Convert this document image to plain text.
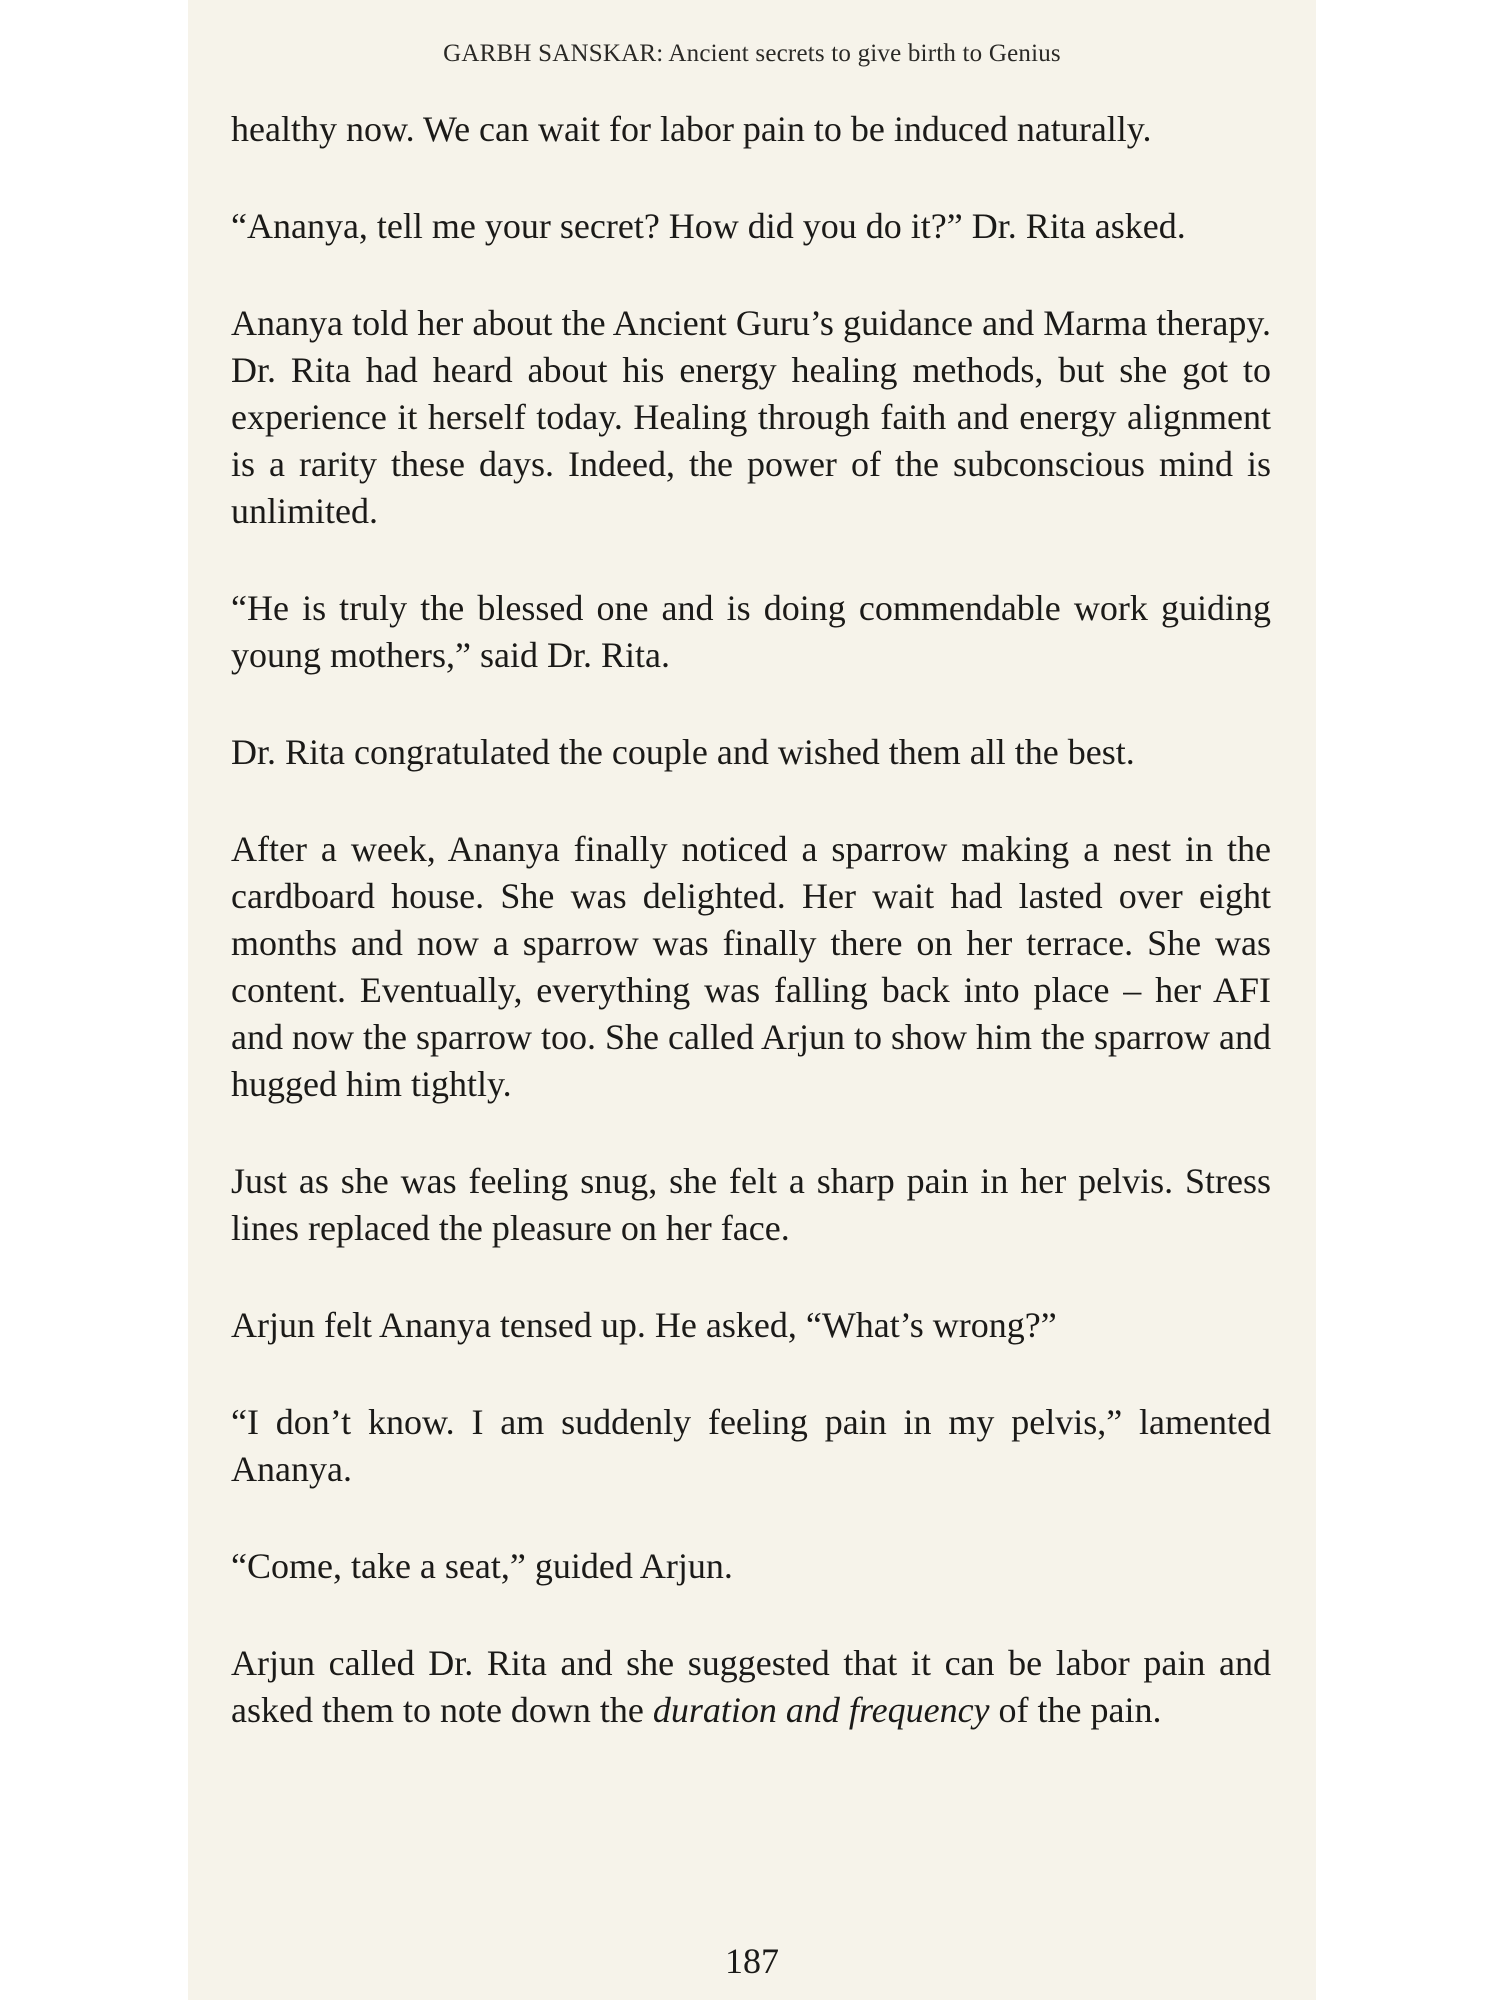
GARBH SANSKAR: Ancient secrets to give birth to Genius

healthy now. We can wait for labor pain to be induced naturally.

“Ananya, tell me your secret? How did you do it?” Dr. Rita asked.

Ananya told her about the Ancient Guru’s guidance and Marma therapy. Dr. Rita had heard about his energy healing methods, but she got to experience it herself today. Healing through faith and energy alignment is a rarity these days. Indeed, the power of the subconscious mind is unlimited.

“He is truly the blessed one and is doing commendable work guiding young mothers,” said Dr. Rita.

Dr. Rita congratulated the couple and wished them all the best.

After a week, Ananya finally noticed a sparrow making a nest in the cardboard house. She was delighted. Her wait had lasted over eight months and now a sparrow was finally there on her terrace. She was content. Eventually, everything was falling back into place – her AFI and now the sparrow too. She called Arjun to show him the sparrow and hugged him tightly.

Just as she was feeling snug, she felt a sharp pain in her pelvis. Stress lines replaced the pleasure on her face.

Arjun felt Ananya tensed up. He asked, “What’s wrong?”

“I don’t know. I am suddenly feeling pain in my pelvis,” lamented Ananya.

“Come, take a seat,” guided Arjun.

Arjun called Dr. Rita and she suggested that it can be labor pain and asked them to note down the duration and frequency of the pain.

187
